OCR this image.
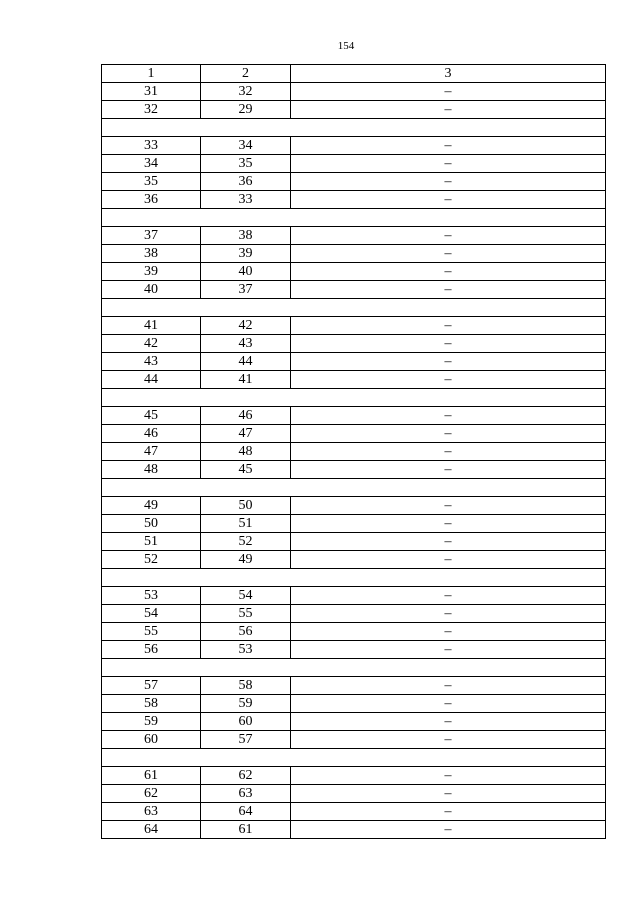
154
1	2	3
31	32	–
32	29	–

33	34	–
34	35	–
35	36	–
36	33	–

37	38	–
38	39	–
39	40	–
40	37	–

41	42	–
42	43	–
43	44	–
44	41	–

45	46	–
46	47	–
47	48	–
48	45	–

49	50	–
50	51	–
51	52	–
52	49	–

53	54	–
54	55	–
55	56	–
56	53	–

57	58	–
58	59	–
59	60	–
60	57	–

61	62	–
62	63	–
63	64	–
64	61	–
